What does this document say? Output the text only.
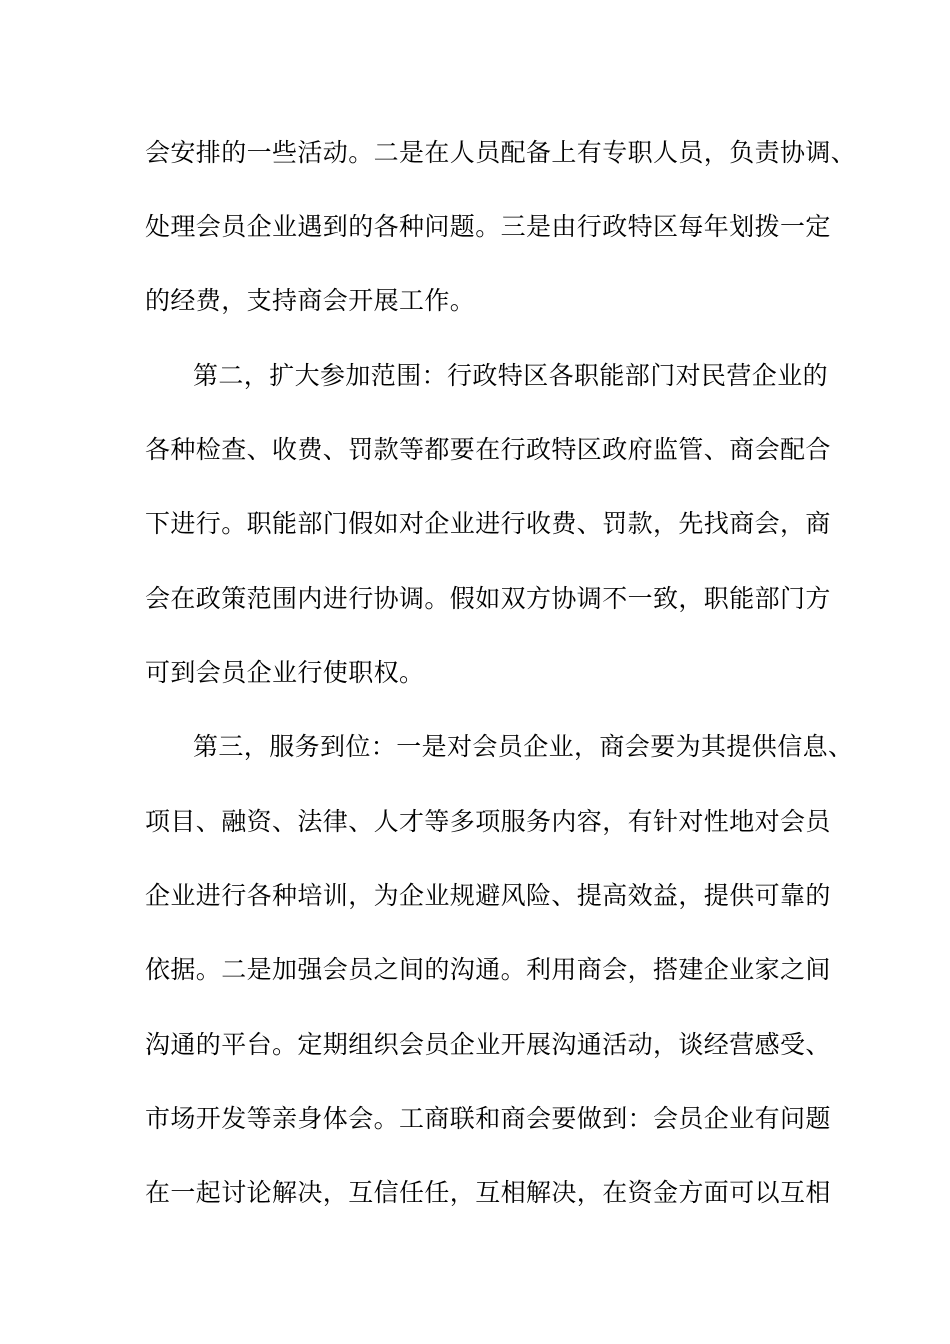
会安排的一些活动。二是在人员配备上有专职人员，负责协调、
处理会员企业遇到的各种问题。三是由行政特区每年划拨一定
的经费，支持商会开展工作。
第二，扩大参加范围：行政特区各职能部门对民营企业的
各种检查、收费、罚款等都要在行政特区政府监管、商会配合
下进行。职能部门假如对企业进行收费、罚款，先找商会，商
会在政策范围内进行协调。假如双方协调不一致，职能部门方
可到会员企业行使职权。
第三，服务到位：一是对会员企业，商会要为其提供信息、
项目、融资、法律、人才等多项服务内容，有针对性地对会员
企业进行各种培训，为企业规避风险、提高效益，提供可靠的
依据。二是加强会员之间的沟通。利用商会，搭建企业家之间
沟通的平台。定期组织会员企业开展沟通活动，谈经营感受、
市场开发等亲身体会。工商联和商会要做到：会员企业有问题
在一起讨论解决，互信任任，互相解决，在资金方面可以互相
